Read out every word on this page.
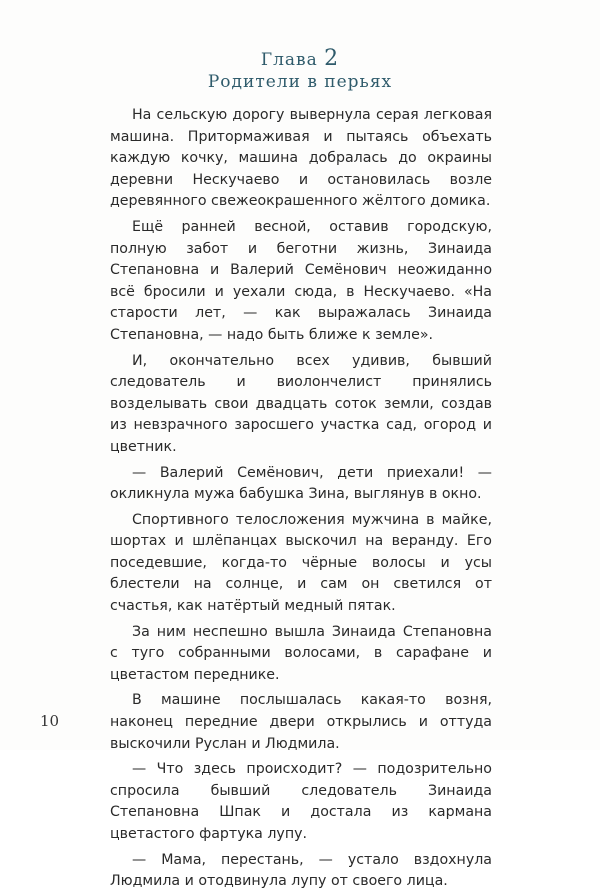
Глава 2
Родители в перьях

На сельскую дорогу вывернула серая легковая машина. Притормаживая и пытаясь объехать каждую кочку, машина добралась до окраины деревни Нескучаево и остановилась возле деревянного свежеокрашенного жёлтого домика.

Ещё ранней весной, оставив городскую, полную забот и беготни жизнь, Зинаида Степановна и Валерий Семёнович неожиданно всё бросили и уехали сюда, в Нескучаево. «На старости лет, — как выражалась Зинаида Степановна, — надо быть ближе к земле».

И, окончательно всех удивив, бывший следователь и виолончелист принялись возделывать свои двадцать соток земли, создав из невзрачного заросшего участка сад, огород и цветник.

— Валерий Семёнович, дети приехали! — окликнула мужа бабушка Зина, выглянув в окно.

Спортивного телосложения мужчина в майке, шортах и шлёпанцах выскочил на веранду. Его поседевшие, когда-то чёрные волосы и усы блестели на солнце, и сам он светился от счастья, как натёртый медный пятак.

За ним неспешно вышла Зинаида Степановна с туго собранными волосами, в сарафане и цветастом переднике.

В машине послышалась какая-то возня, наконец передние двери открылись и оттуда выскочили Руслан и Людмила.

— Что здесь происходит? — подозрительно спросила бывший следователь Зинаида Степановна Шпак и достала из кармана цветастого фартука лупу.

— Мама, перестань, — устало вздохнула Людмила и отодвинула лупу от своего лица.

10
